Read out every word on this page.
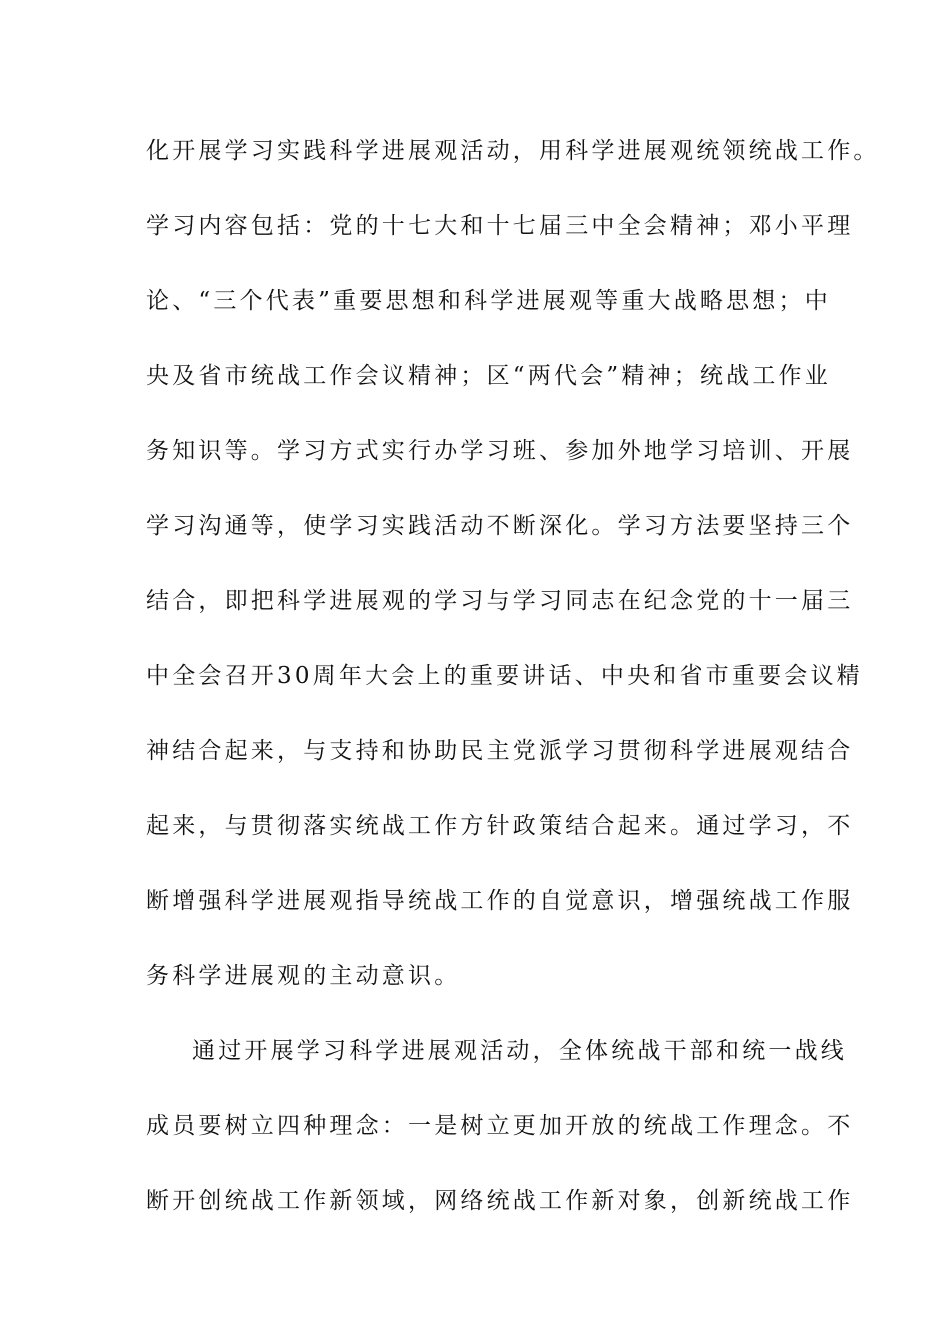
化开展学习实践科学进展观活动，用科学进展观统领统战工作。
学习内容包括：党的十七大和十七届三中全会精神；邓小平理
论、“三个代表”重要思想和科学进展观等重大战略思想；中
央及省市统战工作会议精神；区“两代会”精神；统战工作业
务知识等。学习方式实行办学习班、参加外地学习培训、开展
学习沟通等，使学习实践活动不断深化。学习方法要坚持三个
结合，即把科学进展观的学习与学习同志在纪念党的十一届三
中全会召开30周年大会上的重要讲话、中央和省市重要会议精
神结合起来，与支持和协助民主党派学习贯彻科学进展观结合
起来，与贯彻落实统战工作方针政策结合起来。通过学习，不
断增强科学进展观指导统战工作的自觉意识，增强统战工作服
务科学进展观的主动意识。
通过开展学习科学进展观活动，全体统战干部和统一战线
成员要树立四种理念：一是树立更加开放的统战工作理念。不
断开创统战工作新领域，网络统战工作新对象，创新统战工作
